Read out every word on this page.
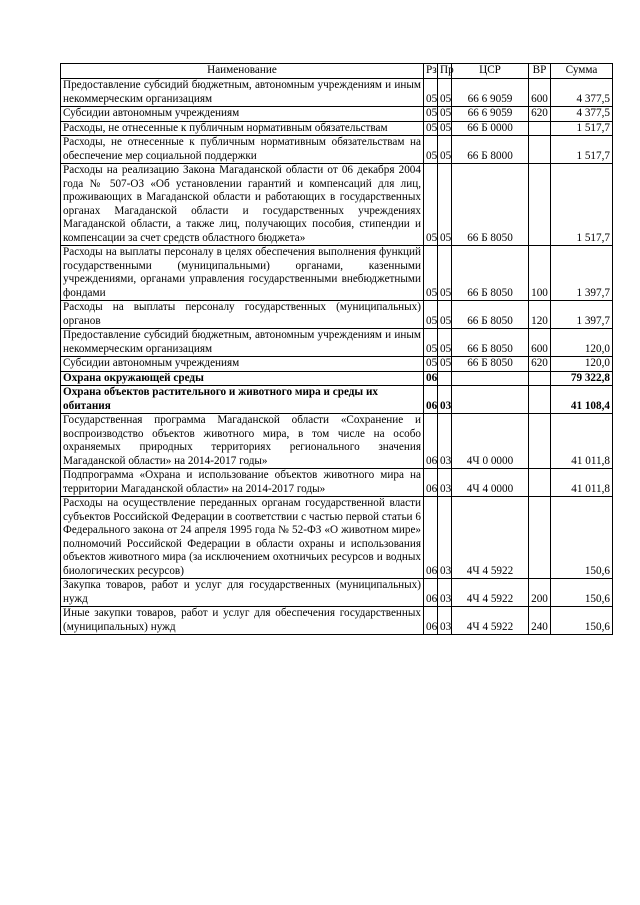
Наименование	Рз	Пр	ЦСР	ВР	Сумма
Предоставление субсидий бюджетным, автономным учреждениям и иным некоммерческим организациям	05	05	66 6 9059	600	4 377,5
Субсидии автономным учреждениям	05	05	66 6 9059	620	4 377,5
Расходы, не отнесенные к публичным нормативным обязательствам	05	05	66 Б 0000		1 517,7
Расходы, не отнесенные к публичным нормативным обязательствам на обеспечение мер социальной поддержки	05	05	66 Б 8000		1 517,7
Расходы на реализацию Закона Магаданской области от 06 декабря 2004 года № 507-ОЗ «Об установлении гарантий и компенсаций для лиц, проживающих в Магаданской области и работающих в государственных органах Магаданской области и государственных учреждениях Магаданской области, а также лиц, получающих пособия, стипендии и компенсации за счет средств областного бюджета»	05	05	66 Б 8050		1 517,7
Расходы на выплаты персоналу в целях обеспечения выполнения функций государственными (муниципальными) органами, казенными учреждениями, органами управления государственными внебюджетными фондами	05	05	66 Б 8050	100	1 397,7
Расходы на выплаты персоналу государственных (муниципальных) органов	05	05	66 Б 8050	120	1 397,7
Предоставление субсидий бюджетным, автономным учреждениям и иным некоммерческим организациям	05	05	66 Б 8050	600	120,0
Субсидии автономным учреждениям	05	05	66 Б 8050	620	120,0
Охрана окружающей среды	06				79 322,8
Охрана объектов растительного и животного мира и среды их обитания	06	03			41 108,4
Государственная программа Магаданской области «Сохранение и воспроизводство объектов животного мира, в том числе на особо охраняемых природных территориях регионального значения Магаданской области» на 2014-2017 годы»	06	03	4Ч 0 0000		41 011,8
Подпрограмма «Охрана и использование объектов животного мира на территории Магаданской области» на 2014-2017 годы»	06	03	4Ч 4 0000		41 011,8
Расходы на осуществление переданных органам государственной власти субъектов Российской Федерации в соответствии с частью первой статьи 6 Федерального закона от 24 апреля 1995 года № 52-ФЗ «О животном мире» полномочий Российской Федерации в области охраны и использования объектов животного мира (за исключением охотничьих ресурсов и водных биологических ресурсов)	06	03	4Ч 4 5922		150,6
Закупка товаров, работ и услуг для государственных (муниципальных) нужд	06	03	4Ч 4 5922	200	150,6
Иные закупки товаров, работ и услуг для обеспечения государственных (муниципальных) нужд	06	03	4Ч 4 5922	240	150,6
